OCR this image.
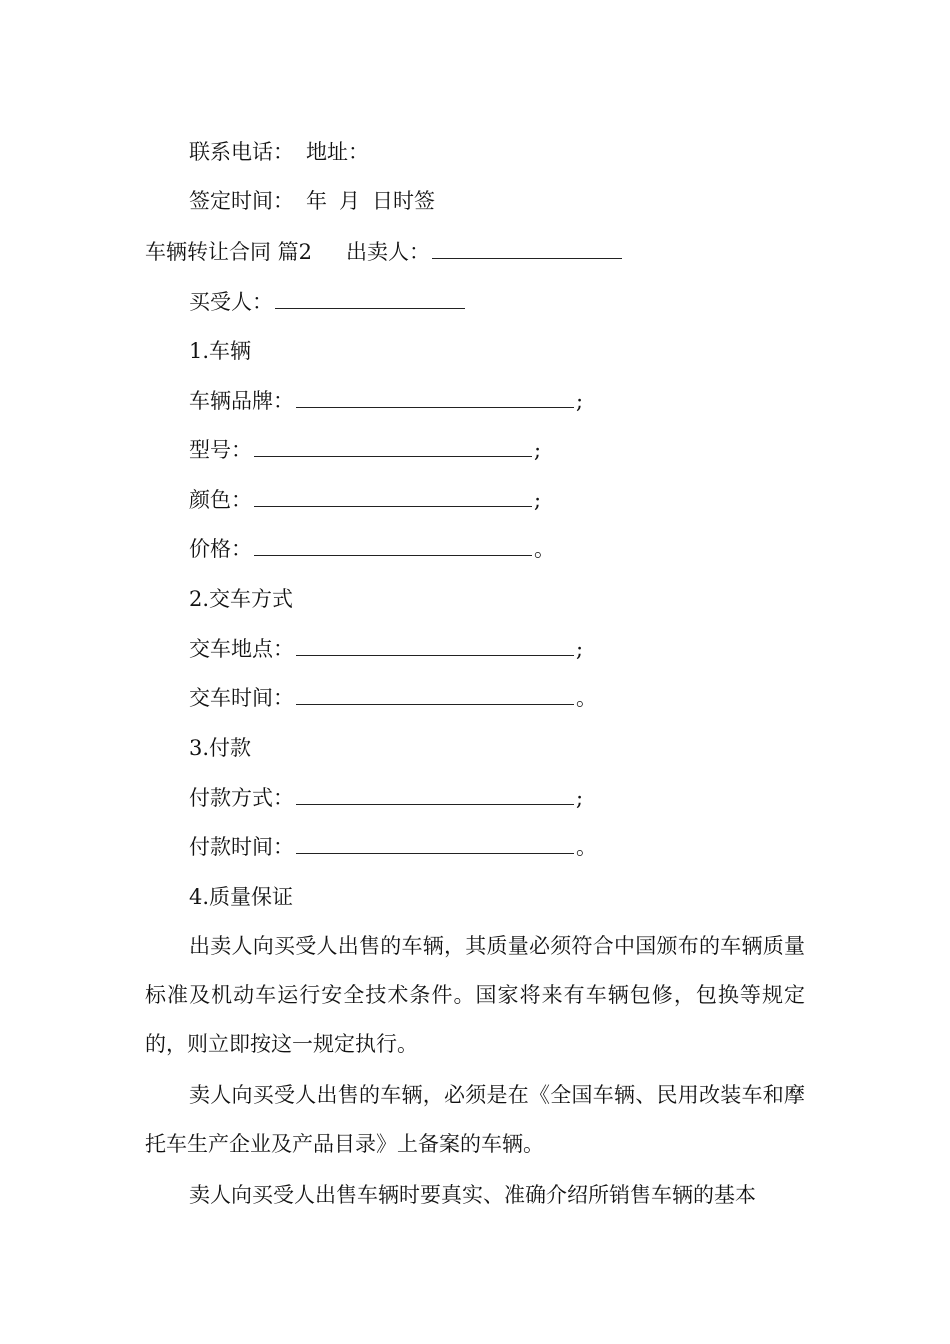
联系电话： 地址：
签定时间： 年 月 日时签
车辆转让合同 篇2 出卖人：
买受人：
1.车辆
车辆品牌：	;
型号：	;
颜色：	;
价格：	。
2.交车方式
交车地点：	;
交车时间：	。
3.付款
付款方式：	;
付款时间：	。
4.质量保证
出卖人向买受人出售的车辆，其质量必须符合中国颁布的车辆质量标准及机动车运行安全技术条件。国家将来有车辆包修，包换等规定的，则立即按这一规定执行。
卖人向买受人出售的车辆，必须是在《全国车辆、民用改装车和摩托车生产企业及产品目录》上备案的车辆。
卖人向买受人出售车辆时要真实、准确介绍所销售车辆的基本
